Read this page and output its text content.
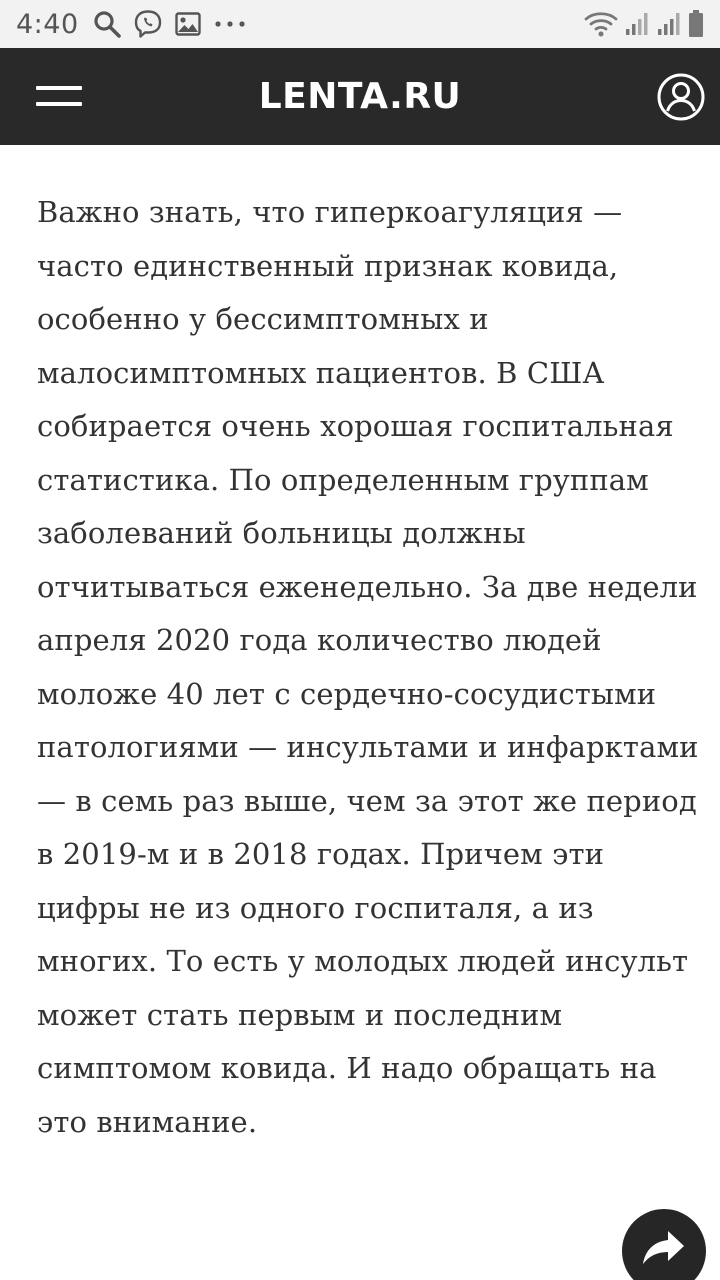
4:40
LENTA.RU

Важно знать, что гиперкоагуляция — часто единственный признак ковида, особенно у бессимптомных и малосимптомных пациентов. В США собирается очень хорошая госпитальная статистика. По определенным группам заболеваний больницы должны отчитываться еженедельно. За две недели апреля 2020 года количество людей моложе 40 лет с сердечно-сосудистыми патологиями — инсультами и инфарктами — в семь раз выше, чем за этот же период в 2019-м и в 2018 годах. Причем эти цифры не из одного госпиталя, а из многих. То есть у молодых людей инсульт может стать первым и последним симптомом ковида. И надо обращать на это внимание.
